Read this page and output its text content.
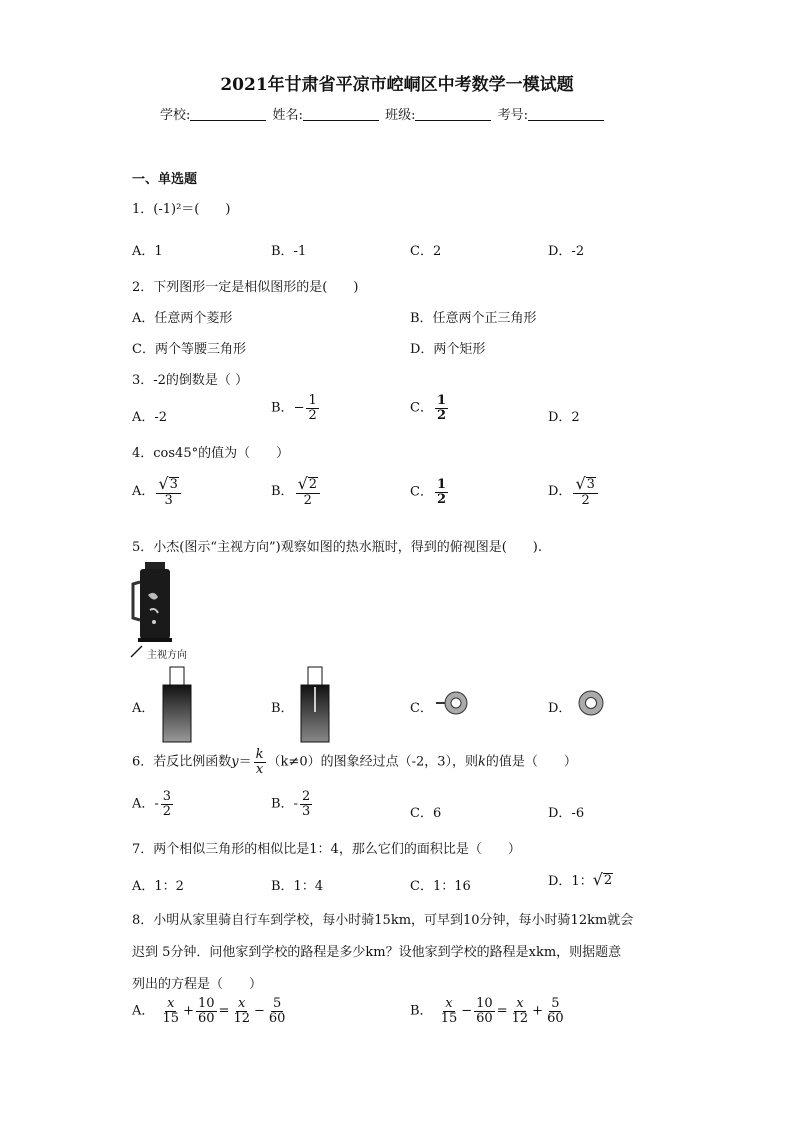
2021年甘肃省平凉市崆峒区中考数学一模试题
学校:	姓名:	班级:	考号:
一、单选题
1．(-1)²＝(　　)
A．1	B．-1	C．2	D．-2
2．下列图形一定是相似图形的是(　　)
A．任意两个菱形	B．任意两个正三角形
C．两个等腰三角形	D．两个矩形
3．-2的倒数是（ ）
A．-2
B．− $\frac{1}{2}$	C． $\frac{1}{2}$	D．2
4．cos45°的值为（　　）
A． $\frac{√ 3}{3}$	B． $\frac{√ 2}{2}$	C． $\frac{1}{2}$	D． $\frac{√ 3}{2}$
5．小杰(图示“主视方向”)观察如图的热水瓶时，得到的俯视图是(　　).
主视方向
A．	B．	C．	D．
6．若反比例函数$y= \frac{k}{x} (k\ne 0)$的图象经过点（-2，3），则k的值是（　　）
A．- $\frac{3}{2}$	B．- $\frac{2}{3}$	C．6	D．-6
7．两个相似三角形的相似比是1：4，那么它们的面积比是（　　）
A．1：2	B．1：4	C．1：16	D．1： √ 2
8．小明从家里骑自行车到学校，每小时骑15km，可早到10分钟，每小时骑12km就会
迟到 5分钟．问他家到学校的路程是多少km？设他家到学校的路程是xkm，则据题意
列出的方程是（　　）
A． $\frac{x}{15} + \frac{10}{60} = \frac{x}{12} - \frac{5}{60}$	B． $\frac{x}{15} - \frac{10}{60} = \frac{x}{12} + \frac{5}{60}$
